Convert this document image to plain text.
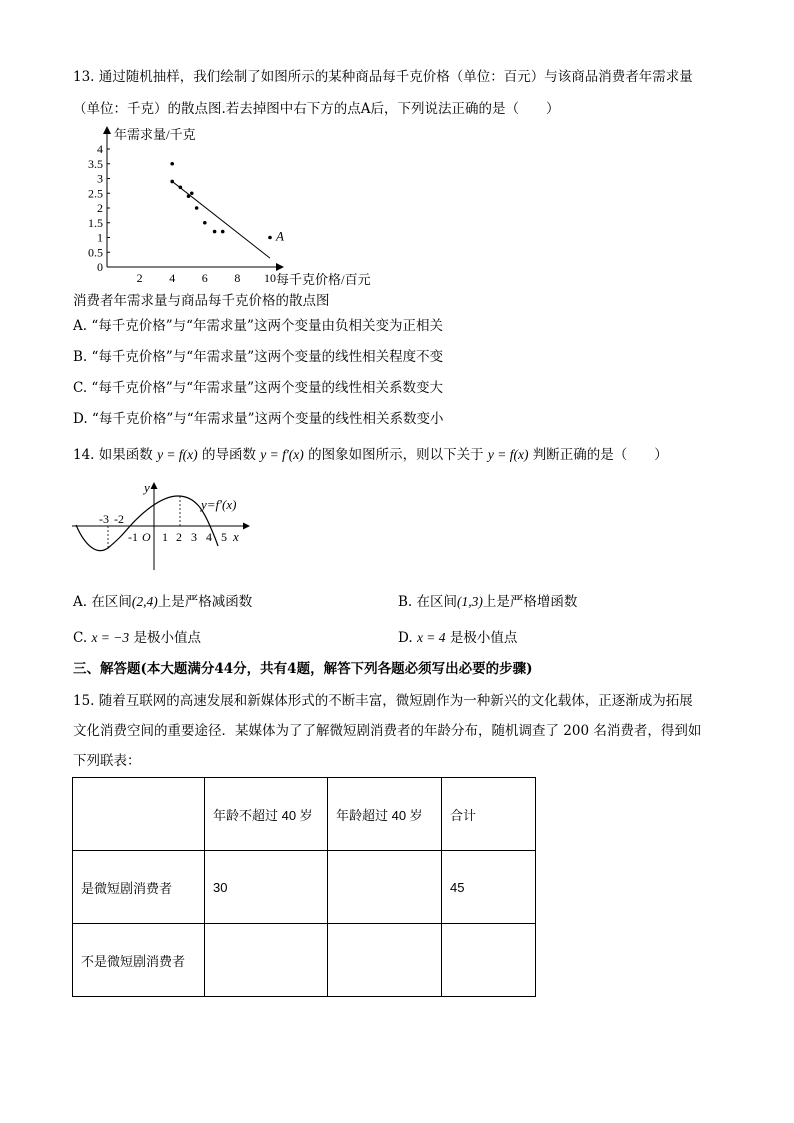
13. 通过随机抽样，我们绘制了如图所示的某种商品每千克价格（单位：百元）与该商品消费者年需求量
（单位：千克）的散点图.若去掉图中右下方的点A后，下列说法正确的是（　　）
年需求量/千克
每千克价格/百元
0
0.5
1
1.5
2
2.5
3
3.5
4
2 4 6 8 10
A
消费者年需求量与商品每千克价格的散点图
A. “每千克价格”与“年需求量”这两个变量由负相关变为正相关
B. “每千克价格”与“年需求量”这两个变量的线性相关程度不变
C. “每千克价格”与“年需求量”这两个变量的线性相关系数变大
D. “每千克价格”与“年需求量”这两个变量的线性相关系数变小
14. 如果函数 y = f(x) 的导函数 y = f′(x) 的图象如图所示，则以下关于 y = f(x) 判断正确的是（　　）
y
x
y=f′(x)
-3 -2
-1 O 1 2 3 4 5
A. 在区间(2,4)上是严格减函数	B. 在区间(1,3)上是严格增函数
C. x = −3 是极小值点	D. x = 4 是极小值点
三、解答题(本大题满分44分，共有4题，解答下列各题必须写出必要的步骤)
15. 随着互联网的高速发展和新媒体形式的不断丰富，微短剧作为一种新兴的文化载体，正逐渐成为拓展
文化消费空间的重要途径．某媒体为了了解微短剧消费者的年龄分布，随机调查了 200 名消费者，得到如
下列联表：
	年龄不超过 40 岁	年龄超过 40 岁	合计
是微短剧消费者	30		45
不是微短剧消费者			
